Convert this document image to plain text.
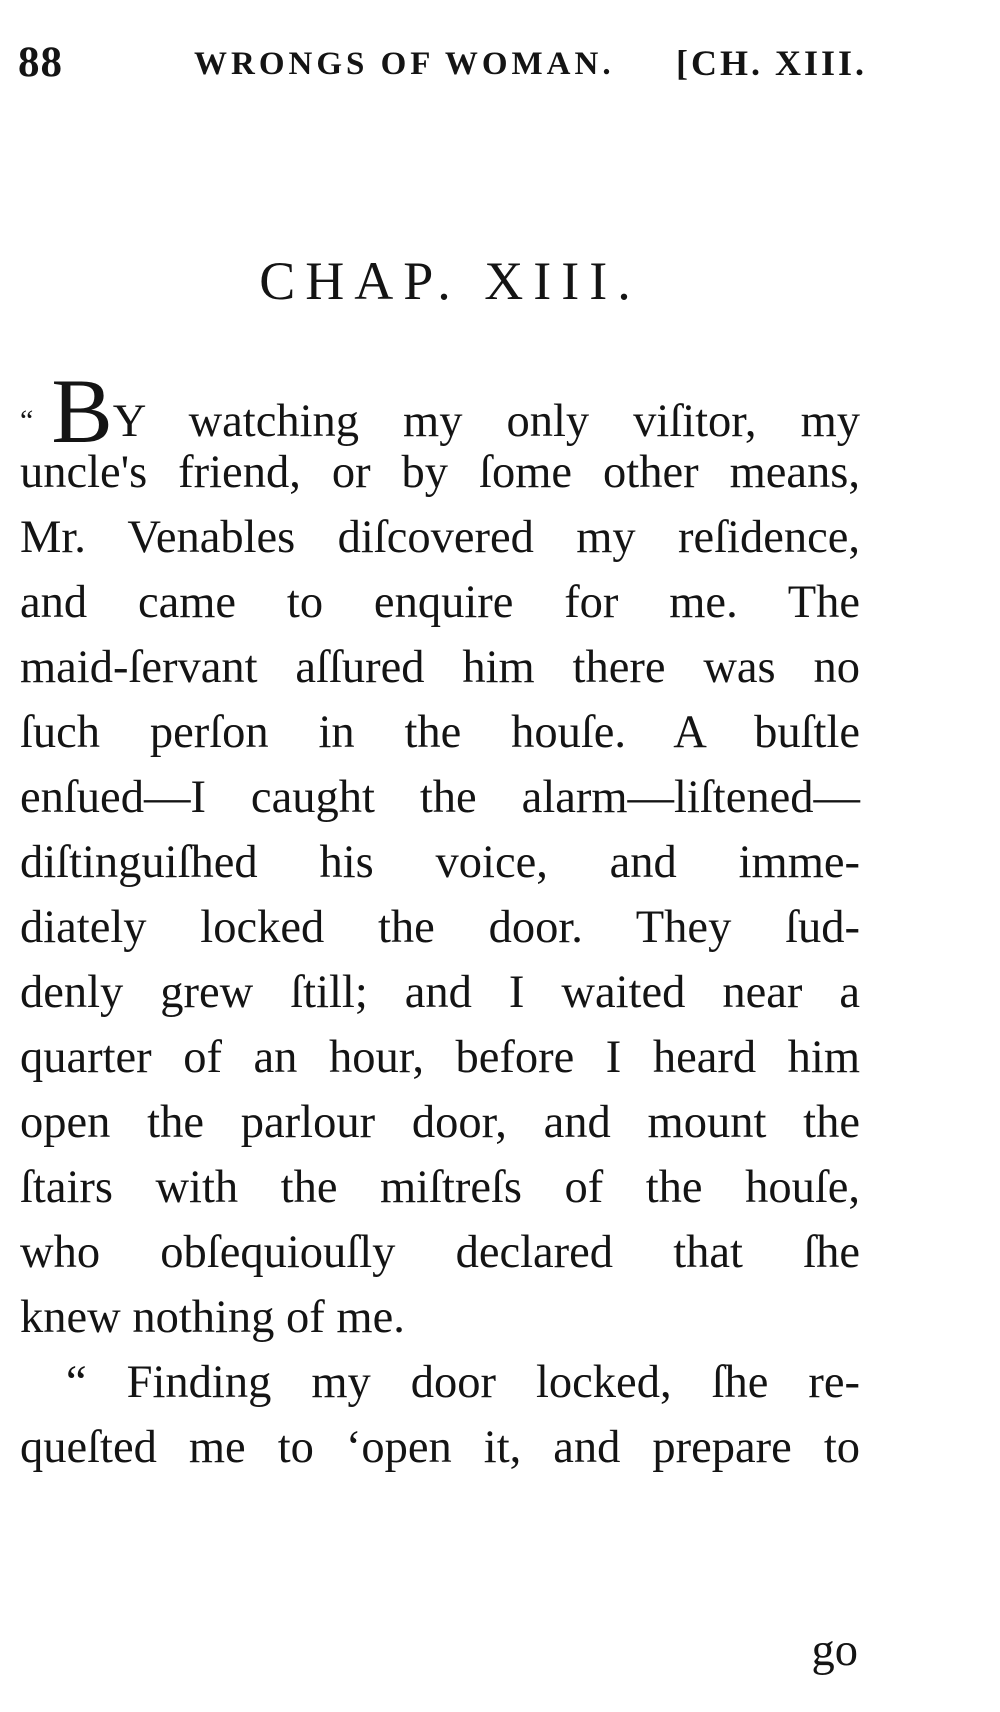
88	WRONGS OF WOMAN. [CH. XIII.
CHAP. XIII.

“ BY watching my only viſitor, my
uncle's friend, or by ſome other means,
Mr. Venables diſcovered my reſidence,
and came to enquire for me. The
maid-ſervant aſſured him there was no
ſuch perſon in the houſe. A buſtle
enſued—I caught the alarm—liſtened—
diſtinguiſhed his voice, and imme-
diately locked the door. They ſud-
denly grew ſtill; and I waited near a
quarter of an hour, before I heard him
open the parlour door, and mount the
ſtairs with the miſtreſs of the houſe,
who obſequiouſly declared that ſhe
knew nothing of me.

“ Finding my door locked, ſhe re-
queſted me to ‘open it, and prepare to

go
